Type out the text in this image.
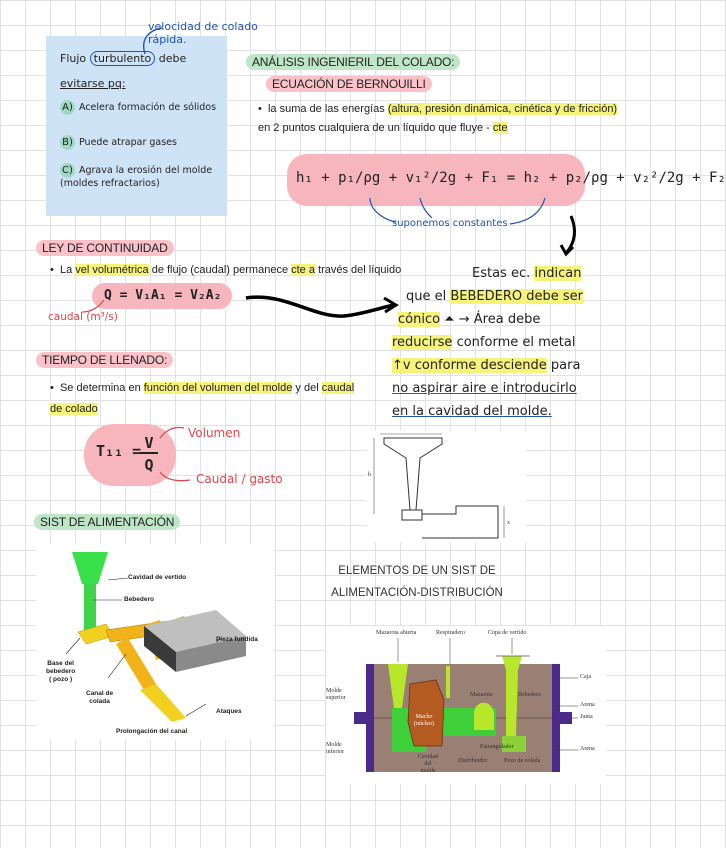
velocidad de colado rápida.
Flujo turbulento debe
evitarse pq:
A) Acelera formación de sólidos
B) Puede atrapar gases
C) Agrava la erosión del molde (moldes refractarios)
ANÁLISIS INGENIERIL DEL COLADO:
ECUACIÓN DE BERNOUILLI
•  la suma de las energías (altura, presión dinámica, cinética y de fricción) en 2 puntos cualquiera de un líquido que fluye - cte
h₁ + p₁/ρg + v₁²/2g + F₁ = h₂ + p₂/ρg + v₂²/2g + F₂
suponemos constantes
LEY DE CONTINUIDAD
•  La vel volumétrica de flujo (caudal) permanece cte a través del líquido
Q = V₁A₁ = V₂A₂
caudal (m³/s)
Estas ec. indican
que el BEBEDERO debe ser
cónico ⏶ → Área debe
reducirse conforme el metal
↑v conforme desciende para
no aspirar aire e introducirlo
en la cavidad del molde.
TIEMPO DE LLENADO:
•  Se determina en función del volumen del molde y del caudal de colado
T₁₁ = V
Q
Volumen
Caudal / gasto	h
x
SIST DE ALIMENTACIÓN
Cavidad de vertido
Bebedero
Pieza fundida
Base del
bebedero
( pozo )
Canal de
colada
Ataques
Prolongación del canal
ELEMENTOS DE UN SIST DE
ALIMENTACIÓN-DISTRIBUCIÓN
Mazarota abierta	Respiradero	Copa de vertido
Molde
superior
Molde
inferior
Caja
Arena
Junta
Arena
Macho
(núcleo)
Mazarota	Bebedero
Estrangulador
Cavidad
del
molde
Distribuidor	Pozo de colada
